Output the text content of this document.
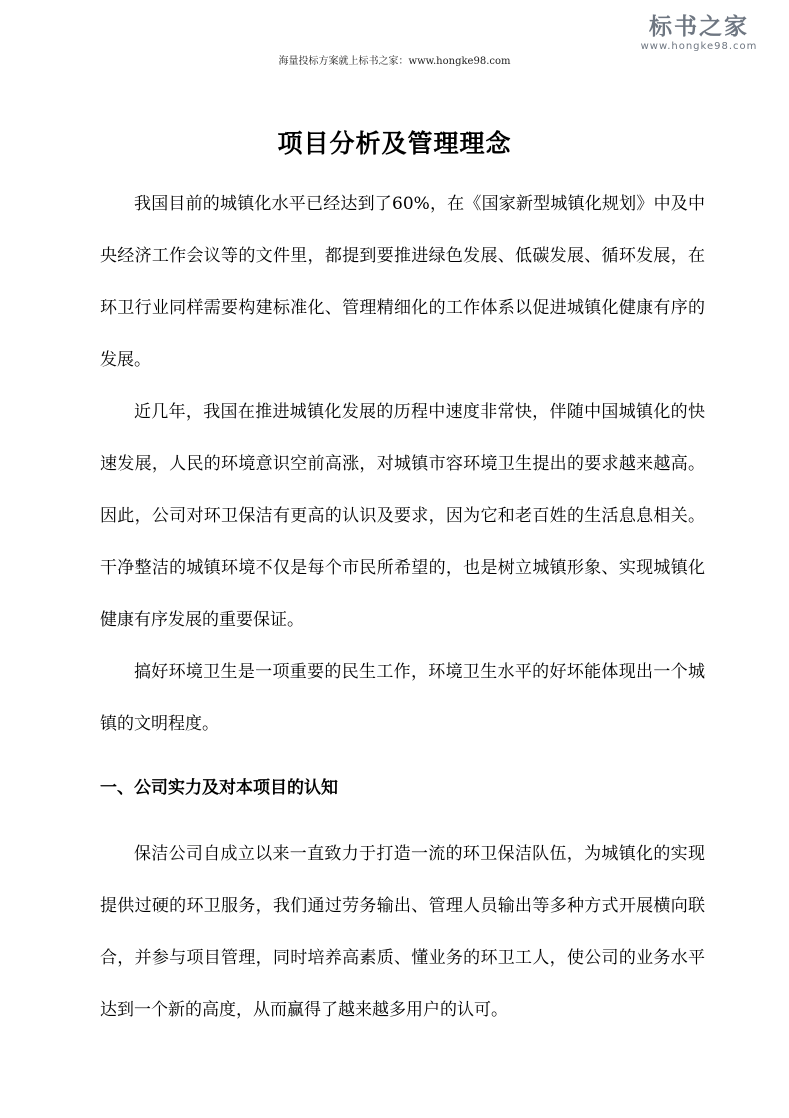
海量投标方案就上标书之家：www.hongke98.com
标书之家
www.hongke98.com
项目分析及管理理念

我国目前的城镇化水平已经达到了60%，在《国家新型城镇化规划》中及中央经济工作会议等的文件里，都提到要推进绿色发展、低碳发展、循环发展，在环卫行业同样需要构建标准化、管理精细化的工作体系以促进城镇化健康有序的发展。

近几年，我国在推进城镇化发展的历程中速度非常快，伴随中国城镇化的快速发展，人民的环境意识空前高涨，对城镇市容环境卫生提出的要求越来越高。因此，公司对环卫保洁有更高的认识及要求，因为它和老百姓的生活息息相关。干净整洁的城镇环境不仅是每个市民所希望的，也是树立城镇形象、实现城镇化健康有序发展的重要保证。

搞好环境卫生是一项重要的民生工作，环境卫生水平的好坏能体现出一个城镇的文明程度。

一、公司实力及对本项目的认知

保洁公司自成立以来一直致力于打造一流的环卫保洁队伍，为城镇化的实现提供过硬的环卫服务，我们通过劳务输出、管理人员输出等多种方式开展横向联合，并参与项目管理，同时培养高素质、懂业务的环卫工人，使公司的业务水平达到一个新的高度，从而赢得了越来越多用户的认可。
